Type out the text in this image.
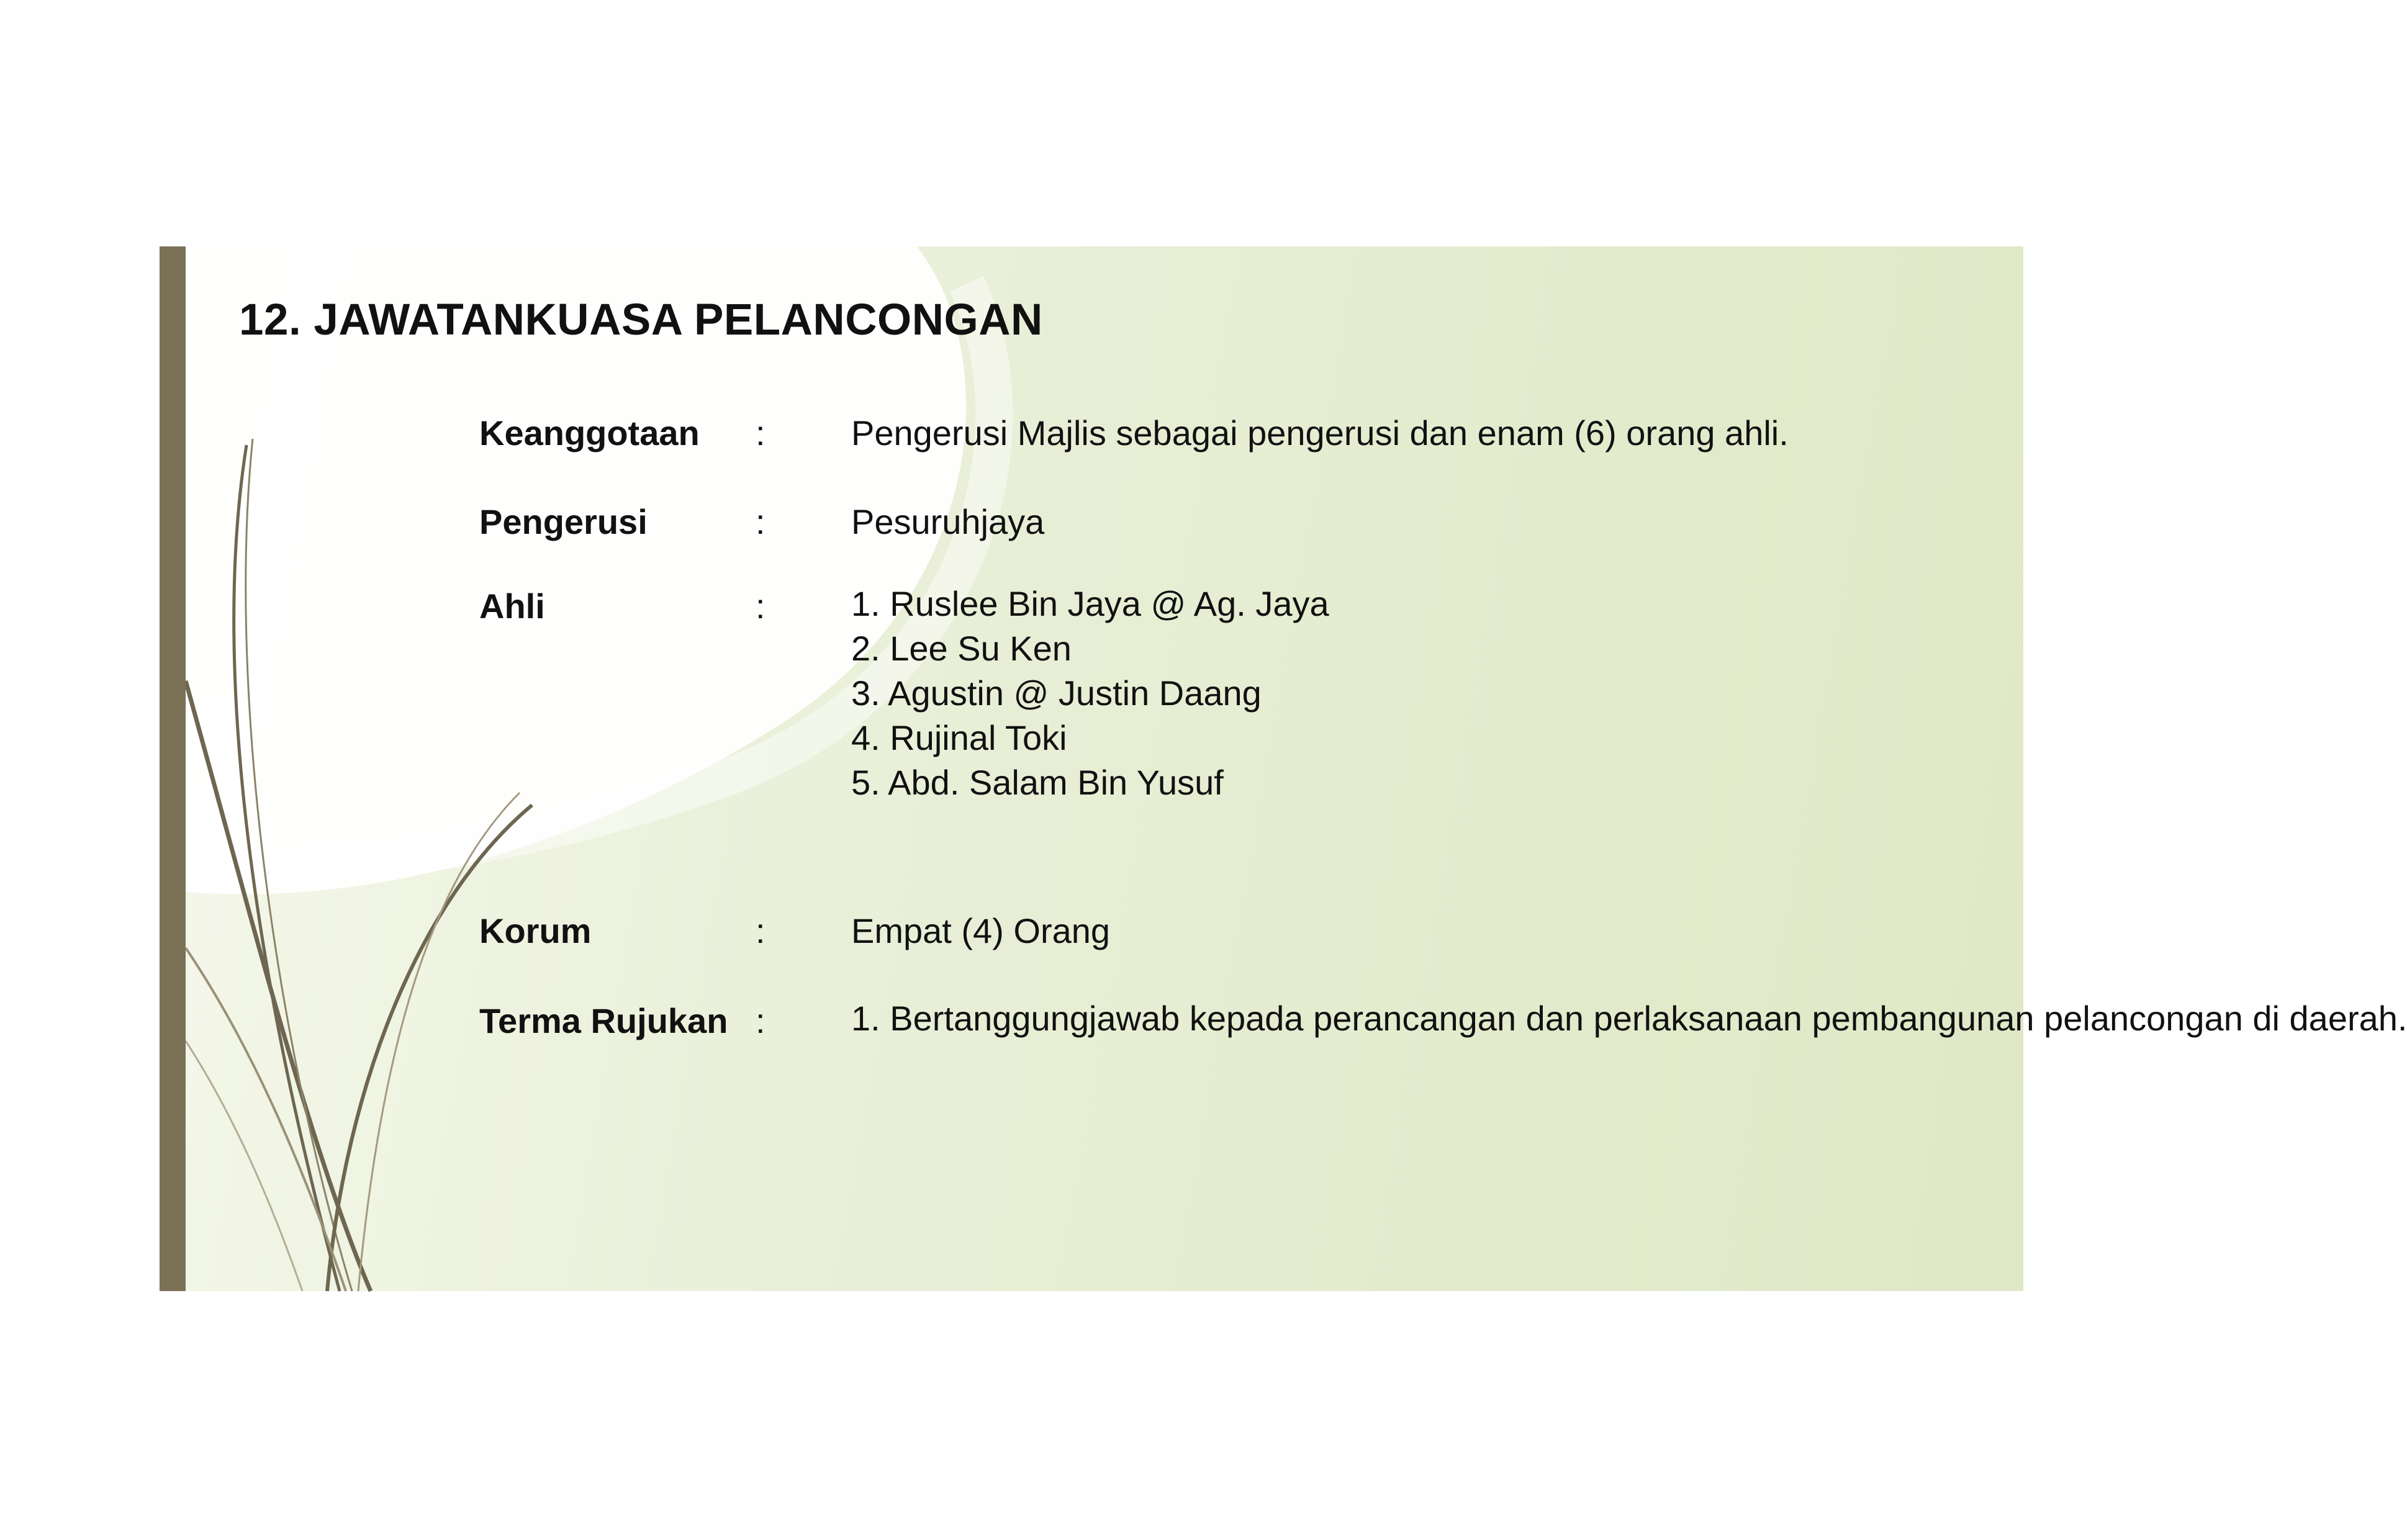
12. JAWATANKUASA PELANCONGAN
Keanggotaan : Pengerusi Majlis sebagai pengerusi dan enam (6) orang ahli.
Pengerusi	: Pesuruhjaya
Ahli	: 1. Ruslee Bin Jaya @ Ag. Jaya
2. Lee Su Ken
3. Agustin @ Justin Daang
4. Rujinal Toki
5. Abd. Salam Bin Yusuf
Korum	: Empat (4) Orang
Terma Rujukan : 1. Bertanggungjawab kepada perancangan dan perlaksanaan pembangunan pelancongan di daerah.
